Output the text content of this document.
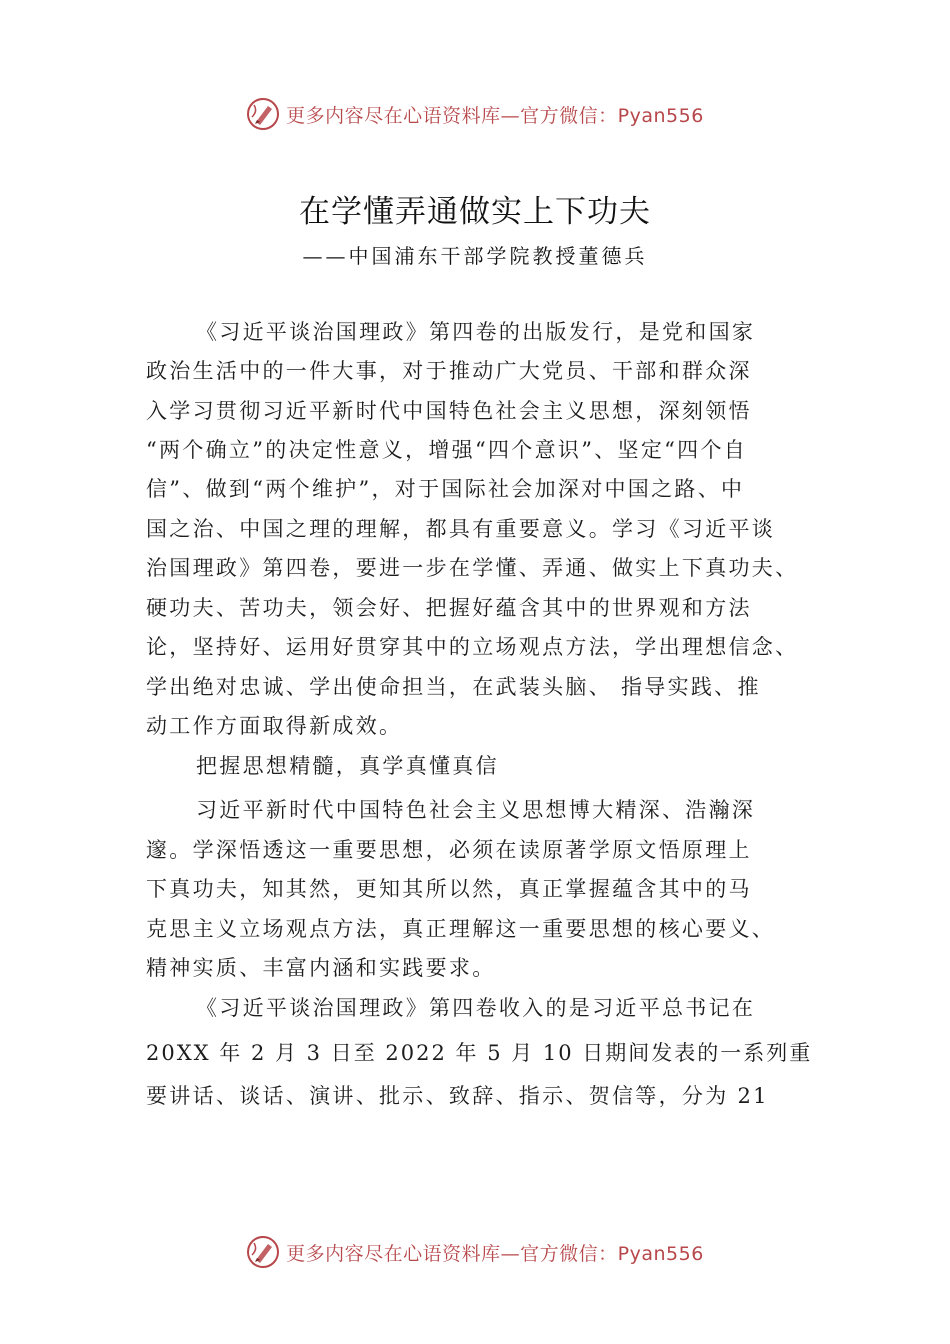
更多内容尽在心语资料库—官方微信：Pyan556
在学懂弄通做实上下功夫
——中国浦东干部学院教授董德兵
《习近平谈治国理政》第四卷的出版发行，是党和国家
政治生活中的一件大事，对于推动广大党员、干部和群众深
入学习贯彻习近平新时代中国特色社会主义思想，深刻领悟
“两个确立”的决定性意义，增强“四个意识”、坚定“四个自
信”、做到“两个维护”，对于国际社会加深对中国之路、中
国之治、中国之理的理解，都具有重要意义。学习《习近平谈
治国理政》第四卷，要进一步在学懂、弄通、做实上下真功夫、
硬功夫、苦功夫，领会好、把握好蕴含其中的世界观和方法
论，坚持好、运用好贯穿其中的立场观点方法，学出理想信念、
学出绝对忠诚、学出使命担当，在武装头脑、 指导实践、推
动工作方面取得新成效。
把握思想精髓，真学真懂真信
习近平新时代中国特色社会主义思想博大精深、浩瀚深
邃。学深悟透这一重要思想，必须在读原著学原文悟原理上
下真功夫，知其然，更知其所以然，真正掌握蕴含其中的马
克思主义立场观点方法，真正理解这一重要思想的核心要义、
精神实质、丰富内涵和实践要求。
《习近平谈治国理政》第四卷收入的是习近平总书记在
20XX 年 2 月 3 日至 2022 年 5 月 10 日期间发表的一系列重
要讲话、谈话、演讲、批示、致辞、指示、贺信等，分为 21
更多内容尽在心语资料库—官方微信：Pyan556
